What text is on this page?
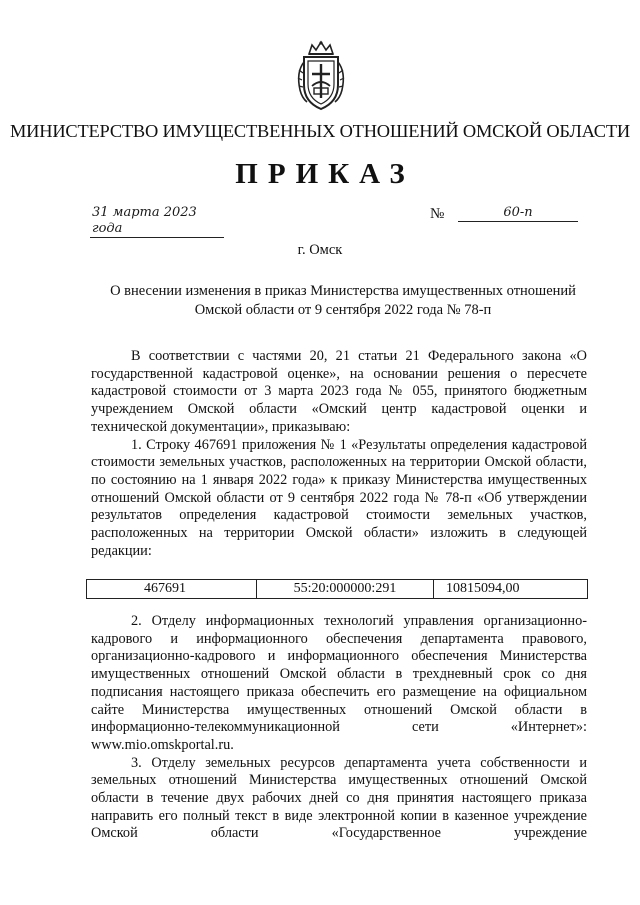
МИНИСТЕРСТВО ИМУЩЕСТВЕННЫХ ОТНОШЕНИЙ ОМСКОЙ ОБЛАСТИ
ПРИКАЗ
31 марта 2023 года
№	60-п
г. Омск
О внесении изменения в приказ Министерства имущественных отношений Омской области от 9 сентября 2022 года № 78-п

В соответствии с частями 20, 21 статьи 21 Федерального закона «О государственной кадастровой оценке», на основании решения о пересчете кадастровой стоимости от 3 марта 2023 года № 055, принятого бюджетным учреждением Омской области «Омский центр кадастровой оценки и технической документации», приказываю:

1. Строку 467691 приложения № 1 «Результаты определения кадастровой стоимости земельных участков, расположенных на территории Омской области, по состоянию на 1 января 2022 года» к приказу Министерства имущественных отношений Омской области от 9 сентября 2022 года № 78-п «Об утверждении результатов определения кадастровой стоимости земельных участков, расположенных на территории Омской области» изложить в следующей редакции:

467691	55:20:000000:291	10815094,00

2. Отделу информационных технологий управления организационно-кадрового и информационного обеспечения департамента правового, организационно-кадрового и информационного обеспечения Министерства имущественных отношений Омской области в трехдневный срок со дня подписания настоящего приказа обеспечить его размещение на официальном сайте Министерства имущественных отношений Омской области в информационно-телекоммуникационной сети «Интернет»: www.mio.omskportal.ru.

3. Отделу земельных ресурсов департамента учета собственности и земельных отношений Министерства имущественных отношений Омской области в течение двух рабочих дней со дня принятия настоящего приказа направить его полный текст в виде электронной копии в казенное учреждение Омской области «Государственное учреждение
